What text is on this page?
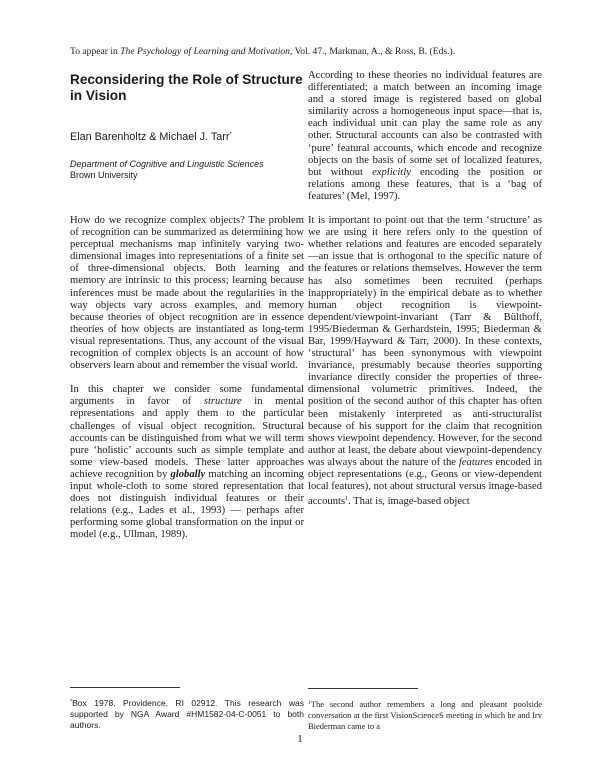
To appear in The Psychology of Learning and Motivation, Vol. 47., Markman, A., & Ross, B. (Eds.).
Reconsidering the Role of Structure in Vision
Elan Barenholtz & Michael J. Tarr*
Department of Cognitive and Linguistic Sciences
Brown University

How do we recognize complex objects? The problem of recognition can be summarized as determining how perceptual mechanisms map infinitely varying two-dimensional images into representations of a finite set of three-dimensional objects. Both learning and memory are intrinsic to this process; learning because inferences must be made about the regularities in the way objects vary across examples, and memory because theories of object recognition are in essence theories of how objects are instantiated as long-term visual representations. Thus, any account of the visual recognition of complex objects is an account of how observers learn about and remember the visual world.

In this chapter we consider some fundamental arguments in favor of structure in mental representations and apply them to the particular challenges of visual object recognition. Structural accounts can be distinguished from what we will term pure ‘holistic’ accounts such as simple template and some view-based models. These latter approaches achieve recognition by globally matching an incoming input whole-cloth to some stored representation that does not distinguish individual features or their relations (e.g., Lades et al., 1993) — perhaps after performing some global transformation on the input or model (e.g., Ullman, 1989).

According to these theories no individual features are differentiated; a match between an incoming image and a stored image is registered based on global similarity across a homogeneous input space—that is, each individual unit can play the same role as any other. Structural accounts can also be contrasted with ‘pure’ featural accounts, which encode and recognize objects on the basis of some set of localized features, but without explicitly encoding the position or relations among these features, that is a ‘bag of features’ (Mel, 1997).

It is important to point out that the term ‘structure’ as we are using it here refers only to the question of whether relations and features are encoded separately—an issue that is orthogonal to the specific nature of the features or relations themselves. However the term has also sometimes been recruited (perhaps inappropriately) in the empirical debate as to whether human object recognition is viewpoint-dependent/viewpoint-invariant (Tarr & Bülthoff, 1995/Biederman & Gerhardstein, 1995; Biederman & Bar, 1999/Hayward & Tarr, 2000). In these contexts, ‘structural’ has been synonymous with viewpoint invariance, presumably because theories supporting invariance directly consider the properties of three-dimensional volumetric primitives. Indeed, the position of the second author of this chapter has often been mistakenly interpreted as anti-structuralist because of his support for the claim that recognition shows viewpoint dependency. However, for the second author at least, the debate about viewpoint-dependency was always about the nature of the features encoded in object representations (e.g., Geons or view-dependent local features), not about structural versus image-based accounts$^1$. That is, image-based object

*Box 1978, Providence, RI 02912. This research was supported by NGA Award #HM1582-04-C-0051 to both authors.
$^1$The second author remembers a long and pleasant poolside conversation at the first VisionScienceS meeting in which he and Irv Biederman came to a
1
